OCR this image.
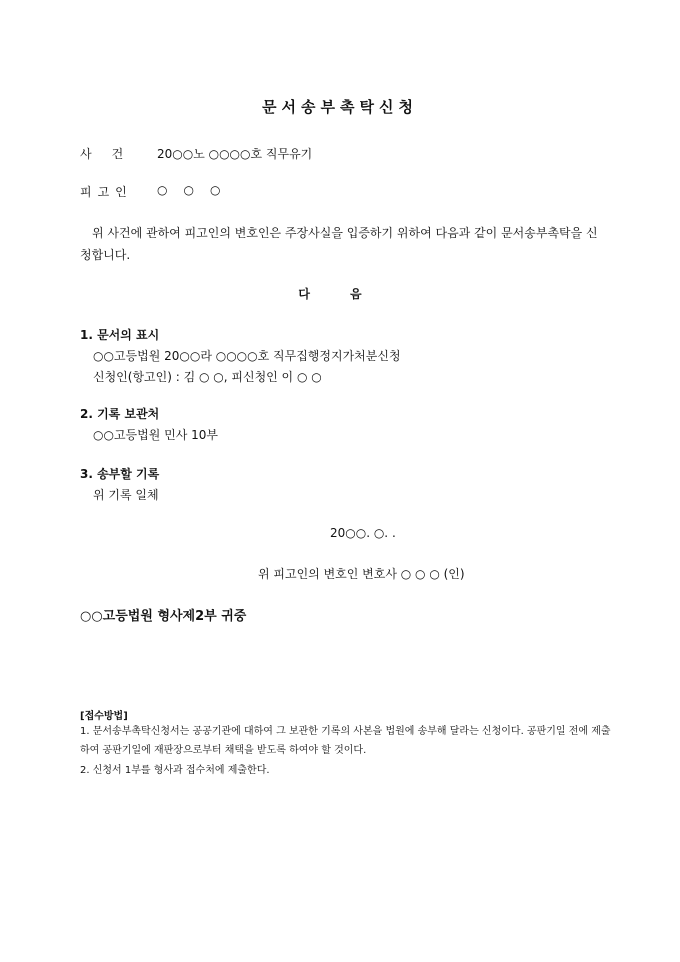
문서송부촉탁신청
사건 20○○노 ○○○○호 직무유기
피고인 ○○○
위 사건에 관하여 피고인의 변호인은 주장사실을 입증하기 위하여 다음과 같이 문서송부촉탁을 신청합니다.
다음
1. 문서의 표시
○○고등법원 20○○라 ○○○○호 직무집행정지가처분신청
신청인(항고인) : 김 ○ ○, 피신청인 이 ○ ○
2. 기록 보관처
○○고등법원 민사 10부
3. 송부할 기록
위 기록 일체
20○○. ○. .
위 피고인의 변호인 변호사 ○ ○ ○ (인)
○○고등법원 형사제2부 귀중
[접수방법]
1. 문서송부촉탁신청서는 공공기관에 대하여 그 보관한 기록의 사본을 법원에 송부해 달라는 신청이다. 공판기일 전에 제출하여 공판기일에 재판장으로부터 채택을 받도록 하여야 할 것이다.
2. 신청서 1부를 형사과 접수처에 제출한다.
